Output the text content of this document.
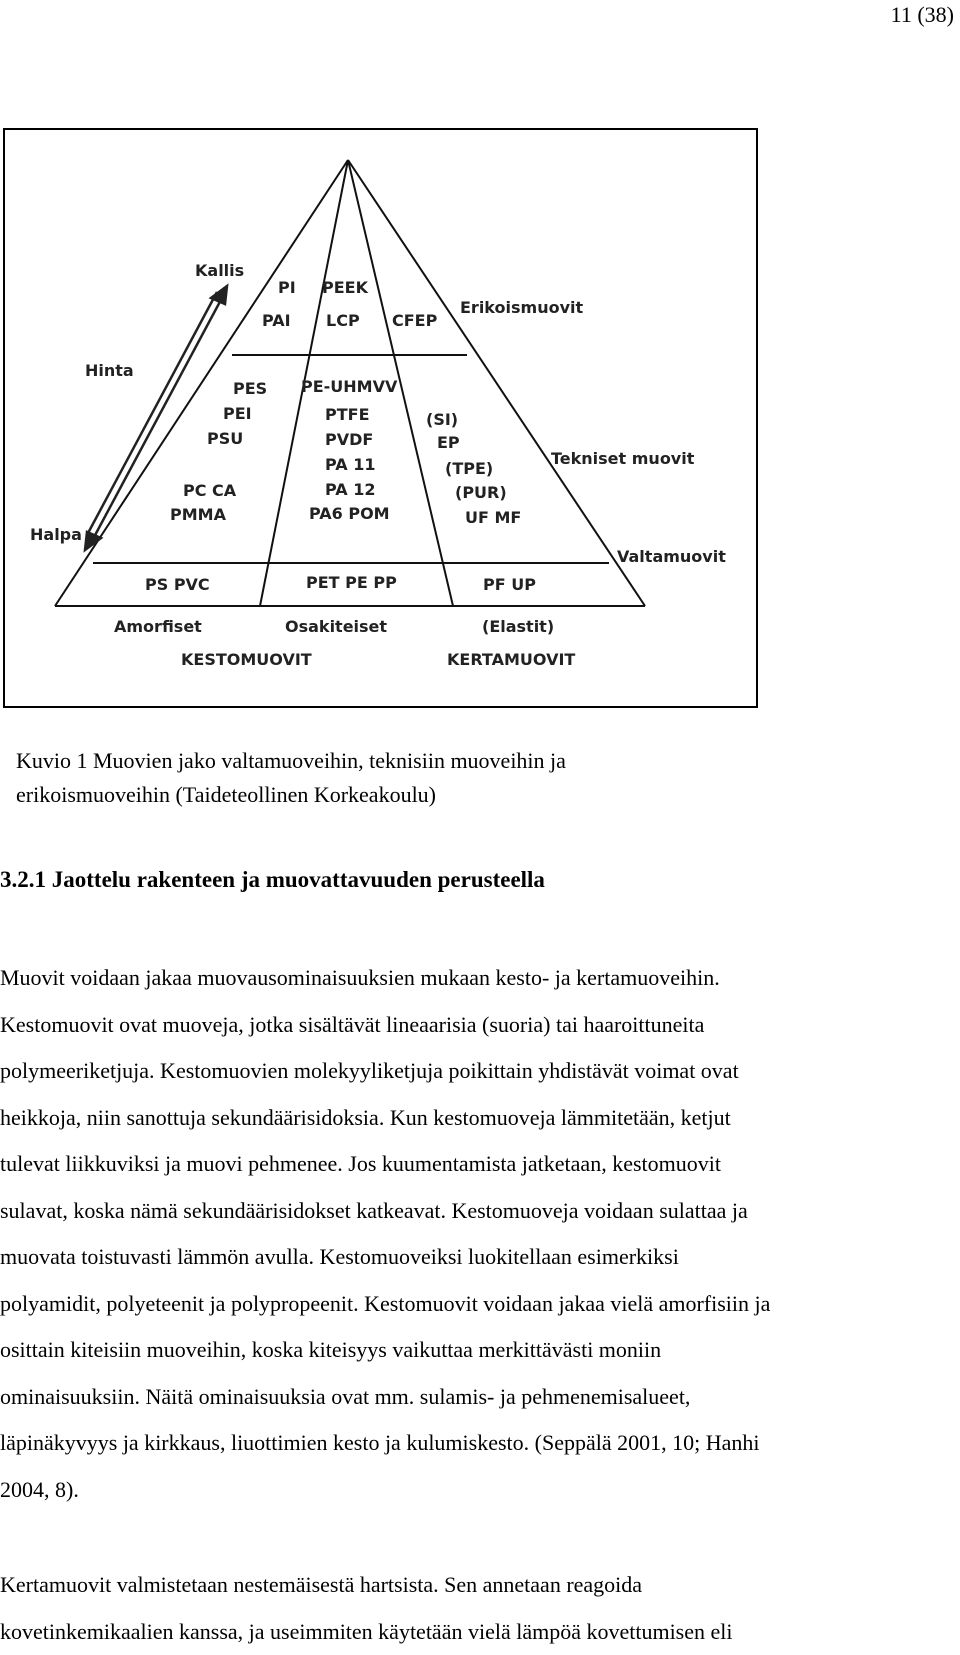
11 (38)
Erikoismuovit
Tekniset muovit
Valtamuovit
Kallis
Hinta
Halpa
PI
PAI
PEEK
LCP CFEP
PES
PEI
PSU
PC CA
PMMA
PE-UHMVV
PTFE
PVDF
PA 11
PA 12
PA6 POM
(SI)
EP
(TPE)
(PUR)
UF MF
PS PVC	PET PE PP	PF UP
Amorfiset	Osakiteiset	(Elastit)
KESTOMUOVIT	KERTAMUOVIT
Kuvio 1 Muovien jako valtamuoveihin, teknisiin muoveihin ja
erikoismuoveihin (Taideteollinen Korkeakoulu)
3.2.1 Jaottelu rakenteen ja muovattavuuden perusteella
Muovit voidaan jakaa muovausominaisuuksien mukaan kesto- ja kertamuoveihin.
Kestomuovit ovat muoveja, jotka sisältävät lineaarisia (suoria) tai haaroittuneita
polymeeriketjuja. Kestomuovien molekyyliketjuja poikittain yhdistävät voimat ovat
heikkoja, niin sanottuja sekundäärisidoksia. Kun kestomuoveja lämmitetään, ketjut
tulevat liikkuviksi ja muovi pehmenee. Jos kuumentamista jatketaan, kestomuovit
sulavat, koska nämä sekundäärisidokset katkeavat. Kestomuoveja voidaan sulattaa ja
muovata toistuvasti lämmön avulla. Kestomuoveiksi luokitellaan esimerkiksi
polyamidit, polyeteenit ja polypropeenit. Kestomuovit voidaan jakaa vielä amorfisiin ja
osittain kiteisiin muoveihin, koska kiteisyys vaikuttaa merkittävästi moniin
ominaisuuksiin. Näitä ominaisuuksia ovat mm. sulamis- ja pehmenemisalueet,
läpinäkyvyys ja kirkkaus, liuottimien kesto ja kulumiskesto. (Seppälä 2001, 10; Hanhi
2004, 8).
Kertamuovit valmistetaan nestemäisestä hartsista. Sen annetaan reagoida
kovetinkemikaalien kanssa, ja useimmiten käytetään vielä lämpöä kovettumisen eli
